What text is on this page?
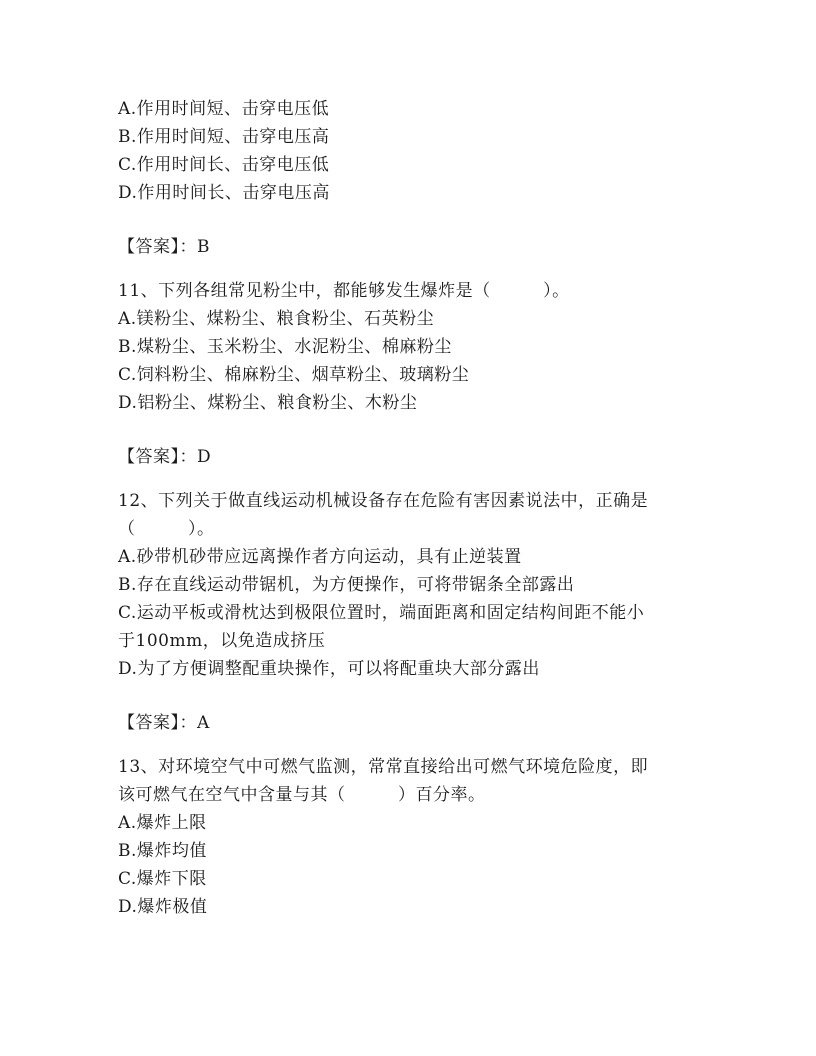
A.作用时间短、击穿电压低
B.作用时间短、击穿电压高
C.作用时间长、击穿电压低
D.作用时间长、击穿电压高
【答案】：B
11、下列各组常见粉尘中，都能够发生爆炸是（　　　）。
A.镁粉尘、煤粉尘、粮食粉尘、石英粉尘
B.煤粉尘、玉米粉尘、水泥粉尘、棉麻粉尘
C.饲料粉尘、棉麻粉尘、烟草粉尘、玻璃粉尘
D.铝粉尘、煤粉尘、粮食粉尘、木粉尘
【答案】：D
12、下列关于做直线运动机械设备存在危险有害因素说法中，正确是
（　　　）。
A.砂带机砂带应远离操作者方向运动，具有止逆装置
B.存在直线运动带锯机，为方便操作，可将带锯条全部露出
C.运动平板或滑枕达到极限位置时，端面距离和固定结构间距不能小
于100mm，以免造成挤压
D.为了方便调整配重块操作，可以将配重块大部分露出
【答案】：A
13、对环境空气中可燃气监测，常常直接给出可燃气环境危险度，即
该可燃气在空气中含量与其（　　　）百分率。
A.爆炸上限
B.爆炸均值
C.爆炸下限
D.爆炸极值
